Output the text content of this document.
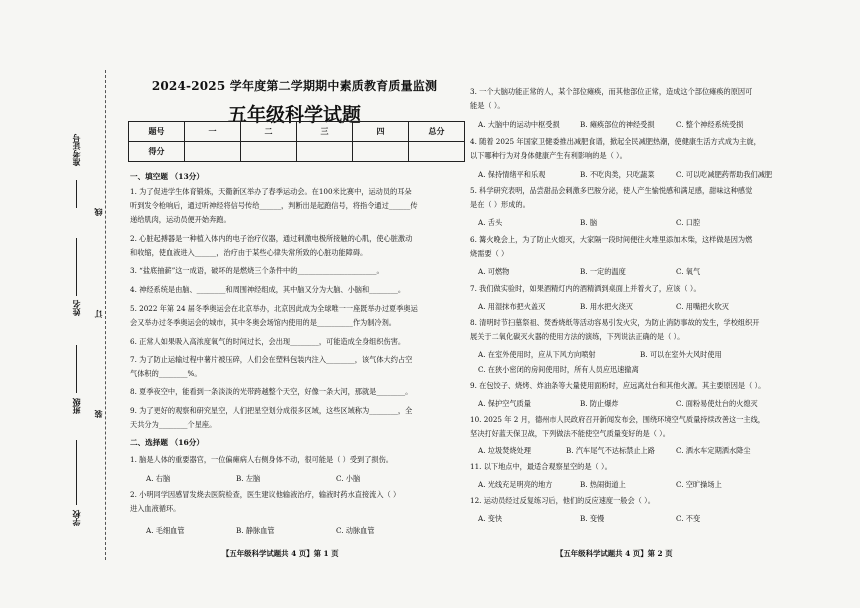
准考证号
线
姓名 订
班级 装
学校
2024-2025 学年度第二学期期中素质教育质量监测
五年级科学试题
题号	一	二	三	四	总分
得分					
一、填空题 （13分）
1. 为了促进学生体育锻炼，天衢新区举办了春季运动会。在100米比赛中，运动员的耳朵
听到发令枪响后，通过听神经将信号传给______，判断出是起跑信号，将指令通过______传
递给肌肉，运动员便开始奔跑。
2. 心脏起搏器是一种植入体内的电子治疗仪器，通过刺激电极所接触的心肌，使心脏激动
和收缩，使血液进入______，治疗由于某些心律失常所致的心脏功能障碍。
3. “盐底抽薪”这一成语，破坏的是燃烧三个条件中的______________________。
4. 神经系统是由脑、________和周围神经组成，其中脑又分为大脑、小脑和________。
5. 2022 年第 24 届冬季奥运会在北京举办，北京因此成为全球唯一一座既举办过夏季奥运
会又举办过冬季奥运会的城市，其中冬奥会场馆内使用的是__________作为制冷剂。
6. 正常人如果吸入高浓度氧气的时间过长，会出现________，可能造成全身组织伤害。
7. 为了防止运输过程中薯片被压碎，人们会在塑料包装内注入________，该气体大约占空
气体积的________%。
8. 夏季夜空中，能看到一条淡淡的光带跨越整个天空，好像一条大河，那就是________。
9. 为了更好的观察和研究星空，人们把星空划分成很多区域，这些区域称为________，全
天共分为________个星座。
二、选择题 （16分）
1. 脑是人体的重要器官，一位偏瘫病人右侧身体不动，很可能是（ ）受到了损伤。
A. 右脑	B. 左脑	C. 小脑
2. 小明同学因感冒发烧去医院检查，医生建议他输液治疗，输液时药水直接流入（ ）
进入血液循环。
A. 毛细血管	B. 静脉血管	C. 动脉血管
【五年级科学试题共 4 页】第 1 页
3. 一个大脑功能正常的人，某个部位瘫痪，而其他部位正常，造成这个部位瘫痪的原因可
能是（ ）。
A. 大脑中的运动中枢受损	B. 瘫痪部位的神经受损	C. 整个神经系统受损
4. 随着 2025 年国家卫健委推出减肥食谱，掀起全民减肥热潮，使健康生活方式成为主旋，
以下哪种行为对身体健康产生有利影响的是（ ）。
A. 保持情绪平和乐观	B. 不吃肉类，只吃蔬菜	C. 可以吃减肥药帮助我们减肥
5. 科学研究表明，品尝甜品会刺激多巴胺分泌，使人产生愉悦感和满足感，甜味这种感觉
是在（ ）形成的。
A. 舌头	B. 脑	C. 口腔
6. 篝火晚会上，为了防止火熄灭，大家隔一段时间便往火堆里添加木柴，这样做是因为燃
烧需要（ ）
A. 可燃物	B. 一定的温度	C. 氧气
7. 我们做实验时，如果酒精灯内的酒精洒到桌面上并着火了，应该（ ）。
A. 用湿抹布把火盖灭	B. 用水把火浇灭	C. 用嘴把火吹灭
8. 清明时节扫墓祭祖、焚香烧纸等活动容易引发火灾，为防止消防事故的发生，学校组织开
展关于二氧化碳灭火器的使用方法的演练，下列说法正确的是（ ）。
A. 在室外使用时，应从下风方向喷射	B. 可以在室外大风时使用
C. 在狭小密闭的房间使用时，所有人员应迅速撤离
9. 在包饺子、烧烤、炸油条等大量使用面粉时，应远离灶台和其他火源。其主要原因是（ ）。
A. 保护空气质量	B. 防止爆炸	C. 面粉易使灶台的火熄灭
10. 2025 年 2 月，德州市人民政府召开新闻发布会，围绕环境空气质量持续改善这一主线，
坚决打好蓝天保卫战，下列做法不能使空气质量变好的是（ ）。
A. 垃圾焚烧处理	B. 汽车尾气不达标禁止上路	C. 洒水车定期洒水降尘
11. 以下地点中，最适合观察星空的是（ ）。
A. 光线充足明亮的地方	B. 热闹街道上	C. 空旷操场上
12. 运动员经过反复练习后，他们的反应速度一般会（ ）。
A. 变快	B. 变慢	C. 不变
【五年级科学试题共 4 页】第 2 页
